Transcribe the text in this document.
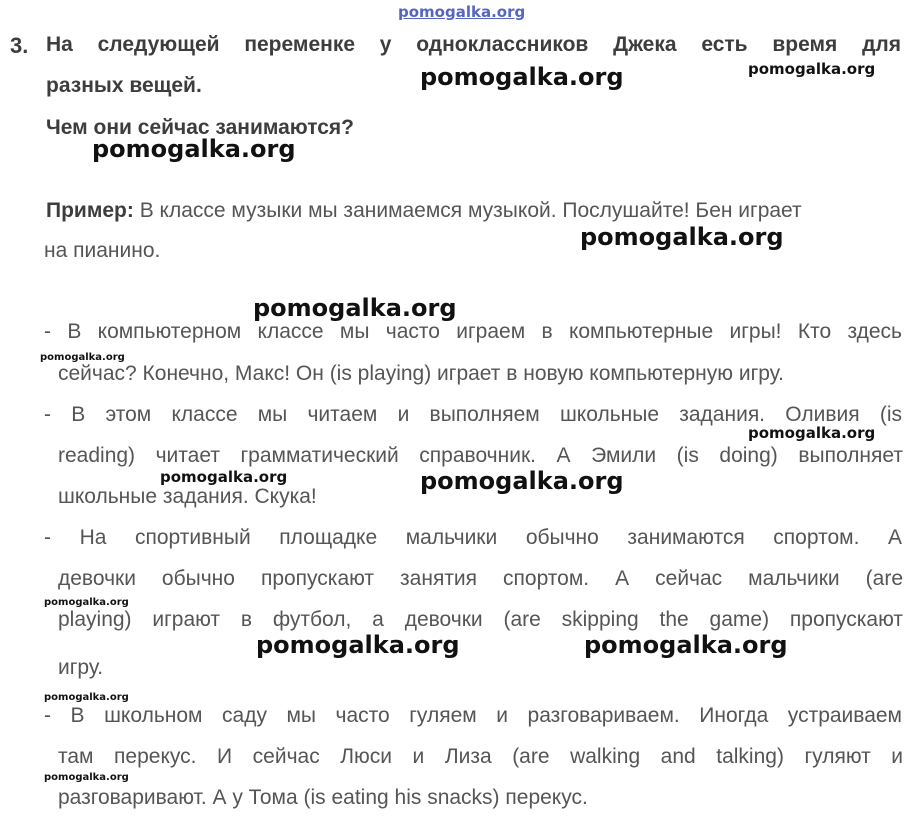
pomogalka.org
3. На следующей переменке у одноклассников Джека есть время для
разных вещей.
Чем они сейчас занимаются?
Пример: В классе музыки мы занимаемся музыкой. Послушайте! Бен играет
на пианино.
- В компьютерном классе мы часто играем в компьютерные игры! Кто здесь
сейчас? Конечно, Макс! Он (is playing) играет в новую компьютерную игру.
- В этом классе мы читаем и выполняем школьные задания. Оливия (is
reading) читает грамматический справочник. А Эмили (is doing) выполняет
школьные задания. Скука!
- На спортивный площадке мальчики обычно занимаются спортом. А
девочки обычно пропускают занятия спортом. А сейчас мальчики (are
playing) играют в футбол, а девочки (are skipping the game) пропускают
игру.
- В школьном саду мы часто гуляем и разговариваем. Иногда устраиваем
там перекус. И сейчас Люси и Лиза (are walking and talking) гуляют и
разговаривают. А у Тома (is eating his snacks) перекус.
pomogalka.org	pomogalka.org
pomogalka.org
pomogalka.org
pomogalka.org
pomogalka.org
pomogalka.org
pomogalka.org	pomogalka.org
pomogalka.org
pomogalka.org	pomogalka.org
pomogalka.org
pomogalka.org
